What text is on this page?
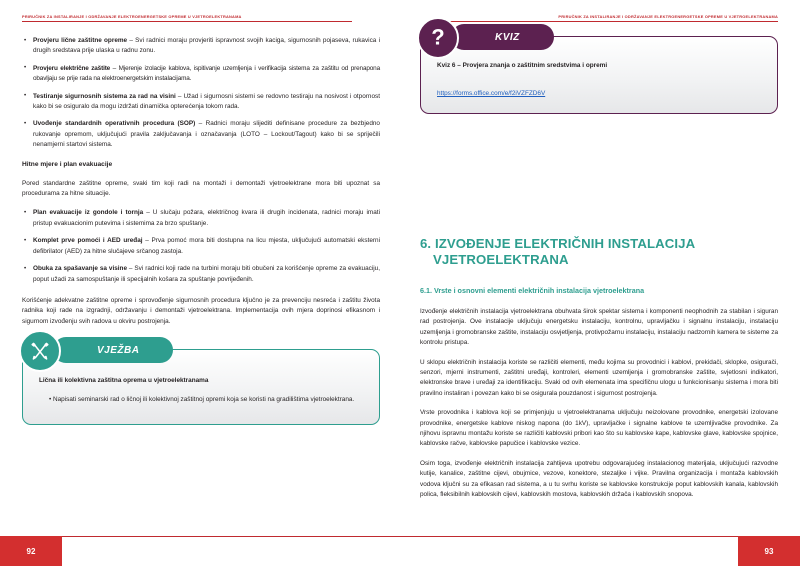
PRIRUČNIK ZA INSTALIRANJE I ODRŽAVANJE ELEKTROENERGETSKE OPREME U VJETROELEKTRANAMA
• Provjeru lične zaštitne opreme – Svi radnici moraju provjeriti ispravnost svojih kaciga, sigurnosnih pojaseva, rukavica i drugih sredstava prije ulaska u radnu zonu.
• Provjeru električne zaštite – Mjerenje izolacije kablova, ispitivanje uzemljenja i verifikacija sistema za zaštitu od prenapona obavljaju se prije rada na elektroenergetskim instalacijama.
• Testiranje sigurnosnih sistema za rad na visini – Užad i sigurnosni sistemi se redovno testiraju na nosivost i otpornost kako bi se osiguralo da mogu izdržati dinamička opterećenja tokom rada.
• Uvođenje standardnih operativnih procedura (SOP) – Radnici moraju slijediti definisane procedure za bezbjedno rukovanje opremom, uključujući pravila zaključavanja i označavanja (LOTO – Lockout/Tagout) kako bi se spriječili nenamjerni startovi sistema.
Hitne mjere i plan evakuacije

Pored standardne zaštitne opreme, svaki tim koji radi na montaži i demontaži vjetroelektrane mora biti upoznat sa procedurama za hitne situacije.

• Plan evakuacije iz gondole i tornja – U slučaju požara, električnog kvara ili drugih incidenata, radnici moraju imati pristup evakuacionim putevima i sistemima za brzo spuštanje.
• Komplet prve pomoći i AED uređaj – Prva pomoć mora biti dostupna na licu mjesta, uključujući automatski eksterni defibrilator (AED) za hitne slučajeve srčanog zastoja.
• Obuka za spašavanje sa visine – Svi radnici koji rade na turbini moraju biti obučeni za korišćenje opreme za evakuaciju, poput užadi za samospuštanje ili specijalnih košara za spuštanje povrijeđenih.

Korišćenje adekvatne zaštitne opreme i sprovođenje sigurnosnih procedura ključno je za prevenciju nesreća i zaštitu života radnika koji rade na izgradnji, održavanju i demontaži vjetroelektrana. Implementacija ovih mjera doprinosi efikasnom i sigurnom izvođenju svih radova u okviru postrojenja.

VJEŽBA
Lična ili kolektivna zaštitna oprema u vjetroelektranama

• Napisati seminarski rad o ličnoj ili kolektivnoj zaštitnoj opremi koja se koristi na gradilištima vjetroelektrana.

92
PRIRUČNIK ZA INSTALIRANJE I ODRŽAVANJE ELEKTROENERGETSKE OPREME U VJETROELEKTRANAMA
KVIZ
?
Kviz 6 – Provjera znanja o zaštitnim sredstvima i opremi
https://forms.office.com/e/f2iVZFZD6V
6. IZVOĐENJE ELEKTRIČNIH INSTALACIJA
VJETROELEKTRANA
6.1. Vrste i osnovni elementi električnih instalacija vjetroelektrana

Izvođenje električnih instalacija vjetroelektrana obuhvata širok spektar sistema i komponenti neophodnih za stabilan i siguran rad postrojenja. Ove instalacije uključuju energetsku instalaciju, kontrolnu, upravljačku i signalnu instalaciju, instalaciju uzemljenja i gromobranske zaštite, instalaciju osvjetljenja, protivpožarnu instalaciju, instalaciju nadzornih kamera te sisteme za kontrolu pristupa.

U sklopu električnih instalacija koriste se različiti elementi, među kojima su provodnici i kablovi, prekidači, sklopke, osigurači, senzori, mjerni instrumenti, zaštitni uređaji, kontroleri, elementi uzemljenja i gromobranske zaštite, svjetlosni indikatori, elektronske brave i uređaji za identifikaciju. Svaki od ovih elemenata ima specifičnu ulogu u funkcionisanju sistema i mora biti pravilno instaliran i povezan kako bi se osigurala pouzdanost i sigurnost postrojenja.

Vrste provodnika i kablova koji se primjenjuju u vjetroelektranama uključuju neizolovane provodnike, energetski izolovane provodnike, energetske kablove niskog napona (do 1kV), upravljačke i signalne kablove te uzemljivačke provodnike. Za njihovu ispravnu montažu koriste se različiti kablovski pribori kao što su kablovske kape, kablovske glave, kablovske spojnice, kablovske račve, kablovske papučice i kablovske vezice.

Osim toga, izvođenje električnih instalacija zahtijeva upotrebu odgovarajućeg instalacionog materijala, uključujući razvodne kutije, kanalice, zaštitne cijevi, obujmice, vezove, konektore, stezaljke i vijke. Pravilna organizacija i montaža kablovskih vodova ključni su za efikasan rad sistema, a u tu svrhu koriste se kablovske konstrukcije poput kablovskih kanala, kablovskih polica, fleksibilnih kablovskih cijevi, kablovskih mostova, kablovskih držača i kablovskih snopova.

93
